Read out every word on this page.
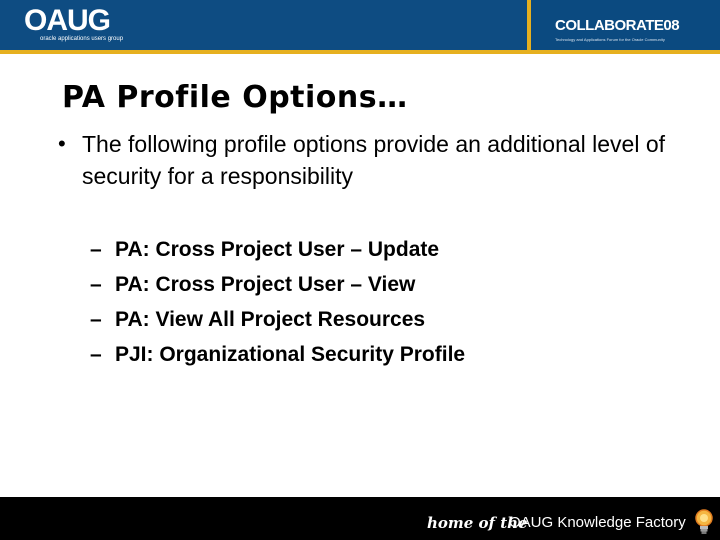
OAUG
oracle applications users group
COLLABORATE08
Technology and Applications Forum for the Oracle Community
PA Profile Options…
• The following profile options provide an additional level of security for a responsibility
– PA: Cross Project User – Update
– PA: Cross Project User – View
– PA: View All Project Resources
– PJI: Organizational Security Profile
home of the
OAUG Knowledge Factory
